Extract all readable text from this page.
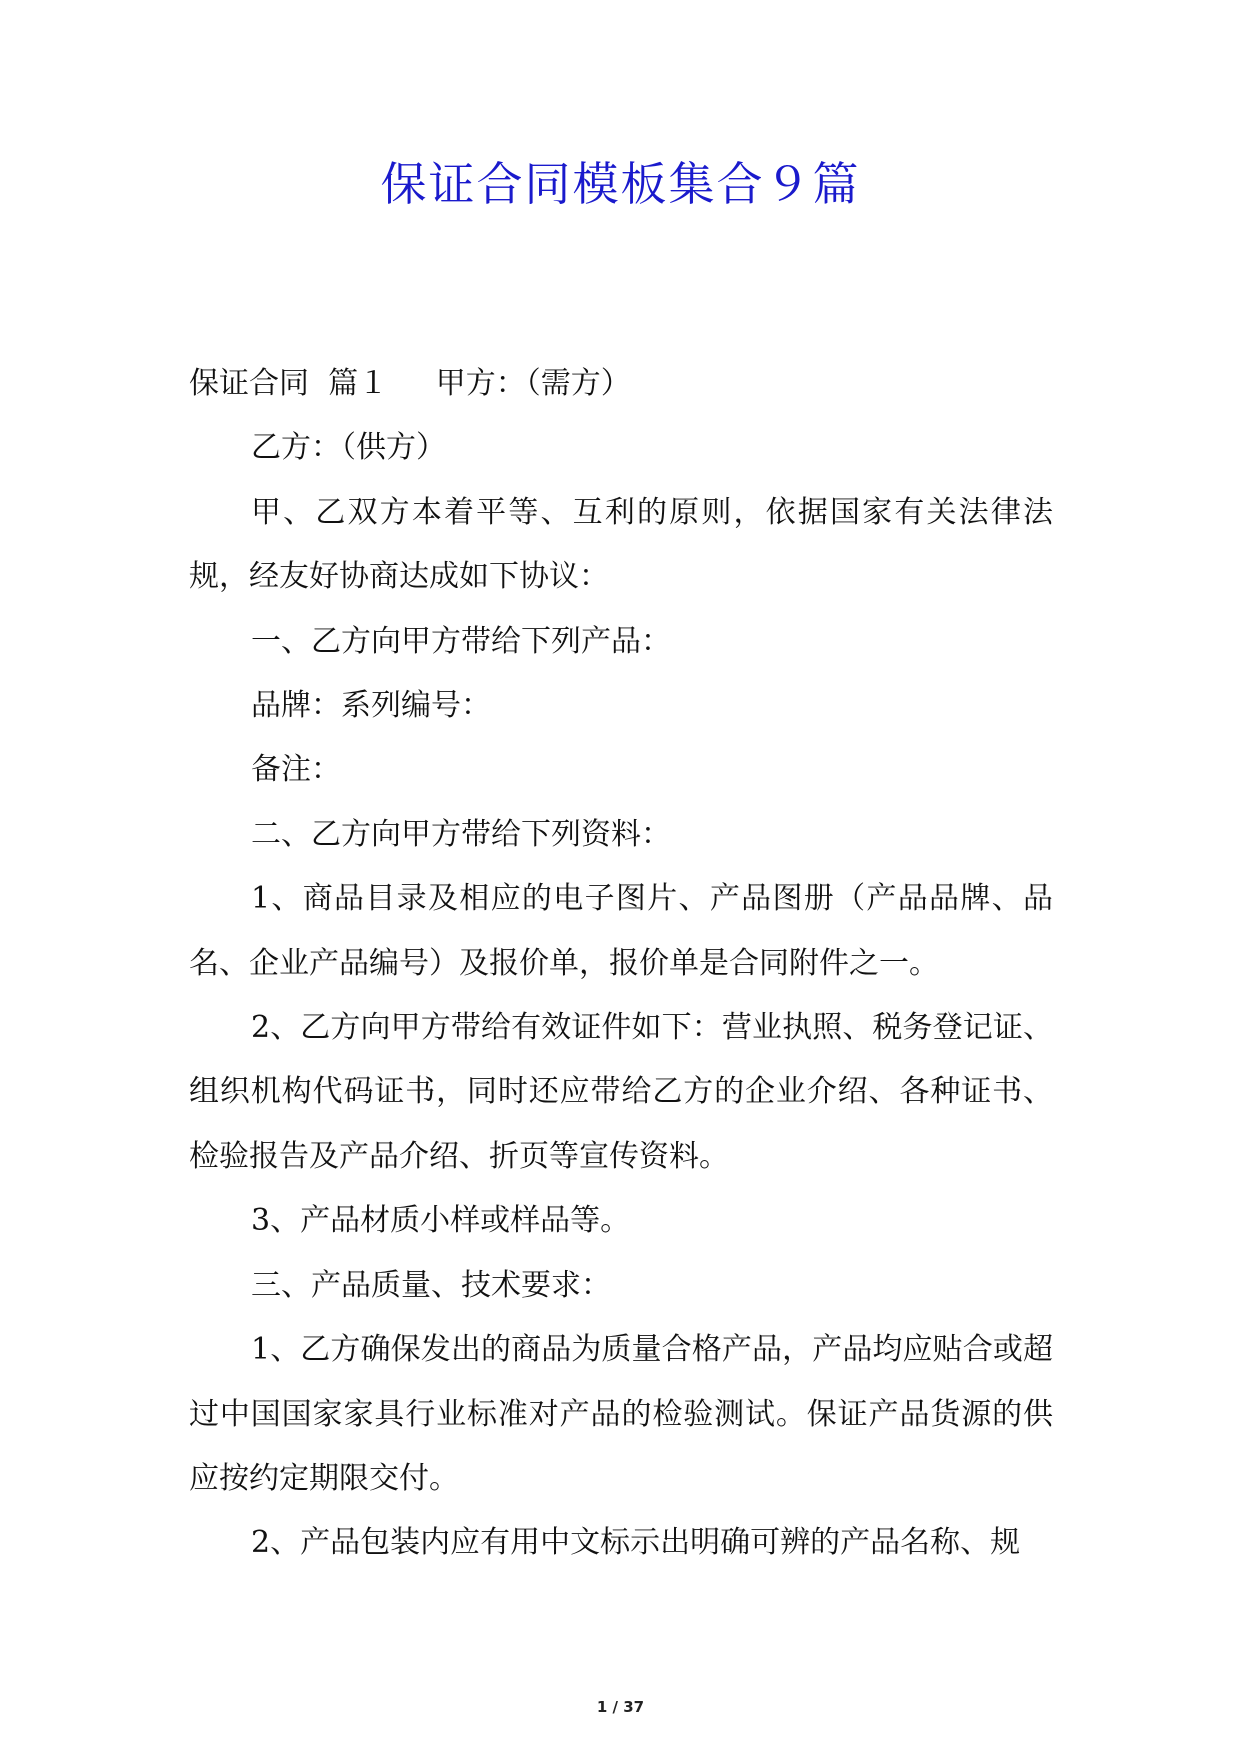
保证合同模板集合９篇

保证合同  篇１     甲方：（需方）

乙方：（供方）

甲、乙双方本着平等、互利的原则，依据国家有关法律法规，经友好协商达成如下协议：

一、乙方向甲方带给下列产品：

品牌：系列编号：

备注：

二、乙方向甲方带给下列资料：

1、商品目录及相应的电子图片、产品图册（产品品牌、品名、企业产品编号）及报价单，报价单是合同附件之一。

2、乙方向甲方带给有效证件如下：营业执照、税务登记证、组织机构代码证书，同时还应带给乙方的企业介绍、各种证书、检验报告及产品介绍、折页等宣传资料。

3、产品材质小样或样品等。

三、产品质量、技术要求：

1、乙方确保发出的商品为质量合格产品，产品均应贴合或超过中国国家家具行业标准对产品的检验测试。保证产品货源的供应按约定期限交付。

2、产品包装内应有用中文标示出明确可辨的产品名称、规

1 / 37
